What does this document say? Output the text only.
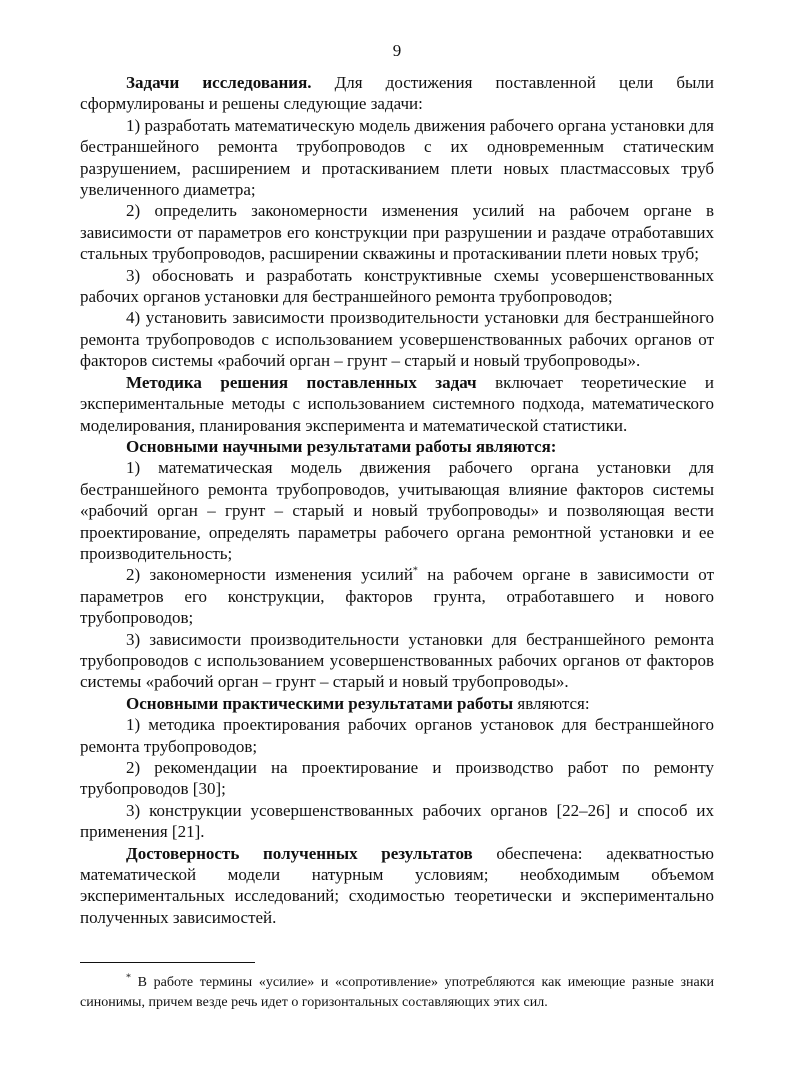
9

Задачи исследования. Для достижения поставленной цели были сформулированы и решены следующие задачи:

1) разработать математическую модель движения рабочего органа установки для бестраншейного ремонта трубопроводов с их одновременным статическим разрушением, расширением и протаскиванием плети новых пластмассовых труб увеличенного диаметра;

2) определить закономерности изменения усилий на рабочем органе в зависимости от параметров его конструкции при разрушении и раздаче отработавших стальных трубопроводов, расширении скважины и протаскивании плети новых труб;

3) обосновать и разработать конструктивные схемы усовершенствованных рабочих органов установки для бестраншейного ремонта трубопроводов;

4) установить зависимости производительности установки для бестраншейного ремонта трубопроводов с использованием усовершенствованных рабочих органов от факторов системы «рабочий орган – грунт – старый и новый трубопроводы».

Методика решения поставленных задач включает теоретические и экспериментальные методы с использованием системного подхода, математического моделирования, планирования эксперимента и математической статистики.

Основными научными результатами работы являются:

1) математическая модель движения рабочего органа установки для бестраншейного ремонта трубопроводов, учитывающая влияние факторов системы «рабочий орган – грунт – старый и новый трубопроводы» и позволяющая вести проектирование, определять параметры рабочего органа ремонтной установки и ее производительность;

2) закономерности изменения усилий* на рабочем органе в зависимости от параметров его конструкции, факторов грунта, отработавшего и нового трубопроводов;

3) зависимости производительности установки для бестраншейного ремонта трубопроводов с использованием усовершенствованных рабочих органов от факторов системы «рабочий орган – грунт – старый и новый трубопроводы».

Основными практическими результатами работы являются:

1) методика проектирования рабочих органов установок для бестраншейного ремонта трубопроводов;

2) рекомендации на проектирование и производство работ по ремонту трубопроводов [30];

3) конструкции усовершенствованных рабочих органов [22–26] и способ их применения [21].

Достоверность полученных результатов обеспечена: адекватностью математической модели натурным условиям; необходимым объемом экспериментальных исследований; сходимостью теоретически и экспериментально полученных зависимостей.

* В работе термины «усилие» и «сопротивление» употребляются как имеющие разные знаки синонимы, причем везде речь идет о горизонтальных составляющих этих сил.
